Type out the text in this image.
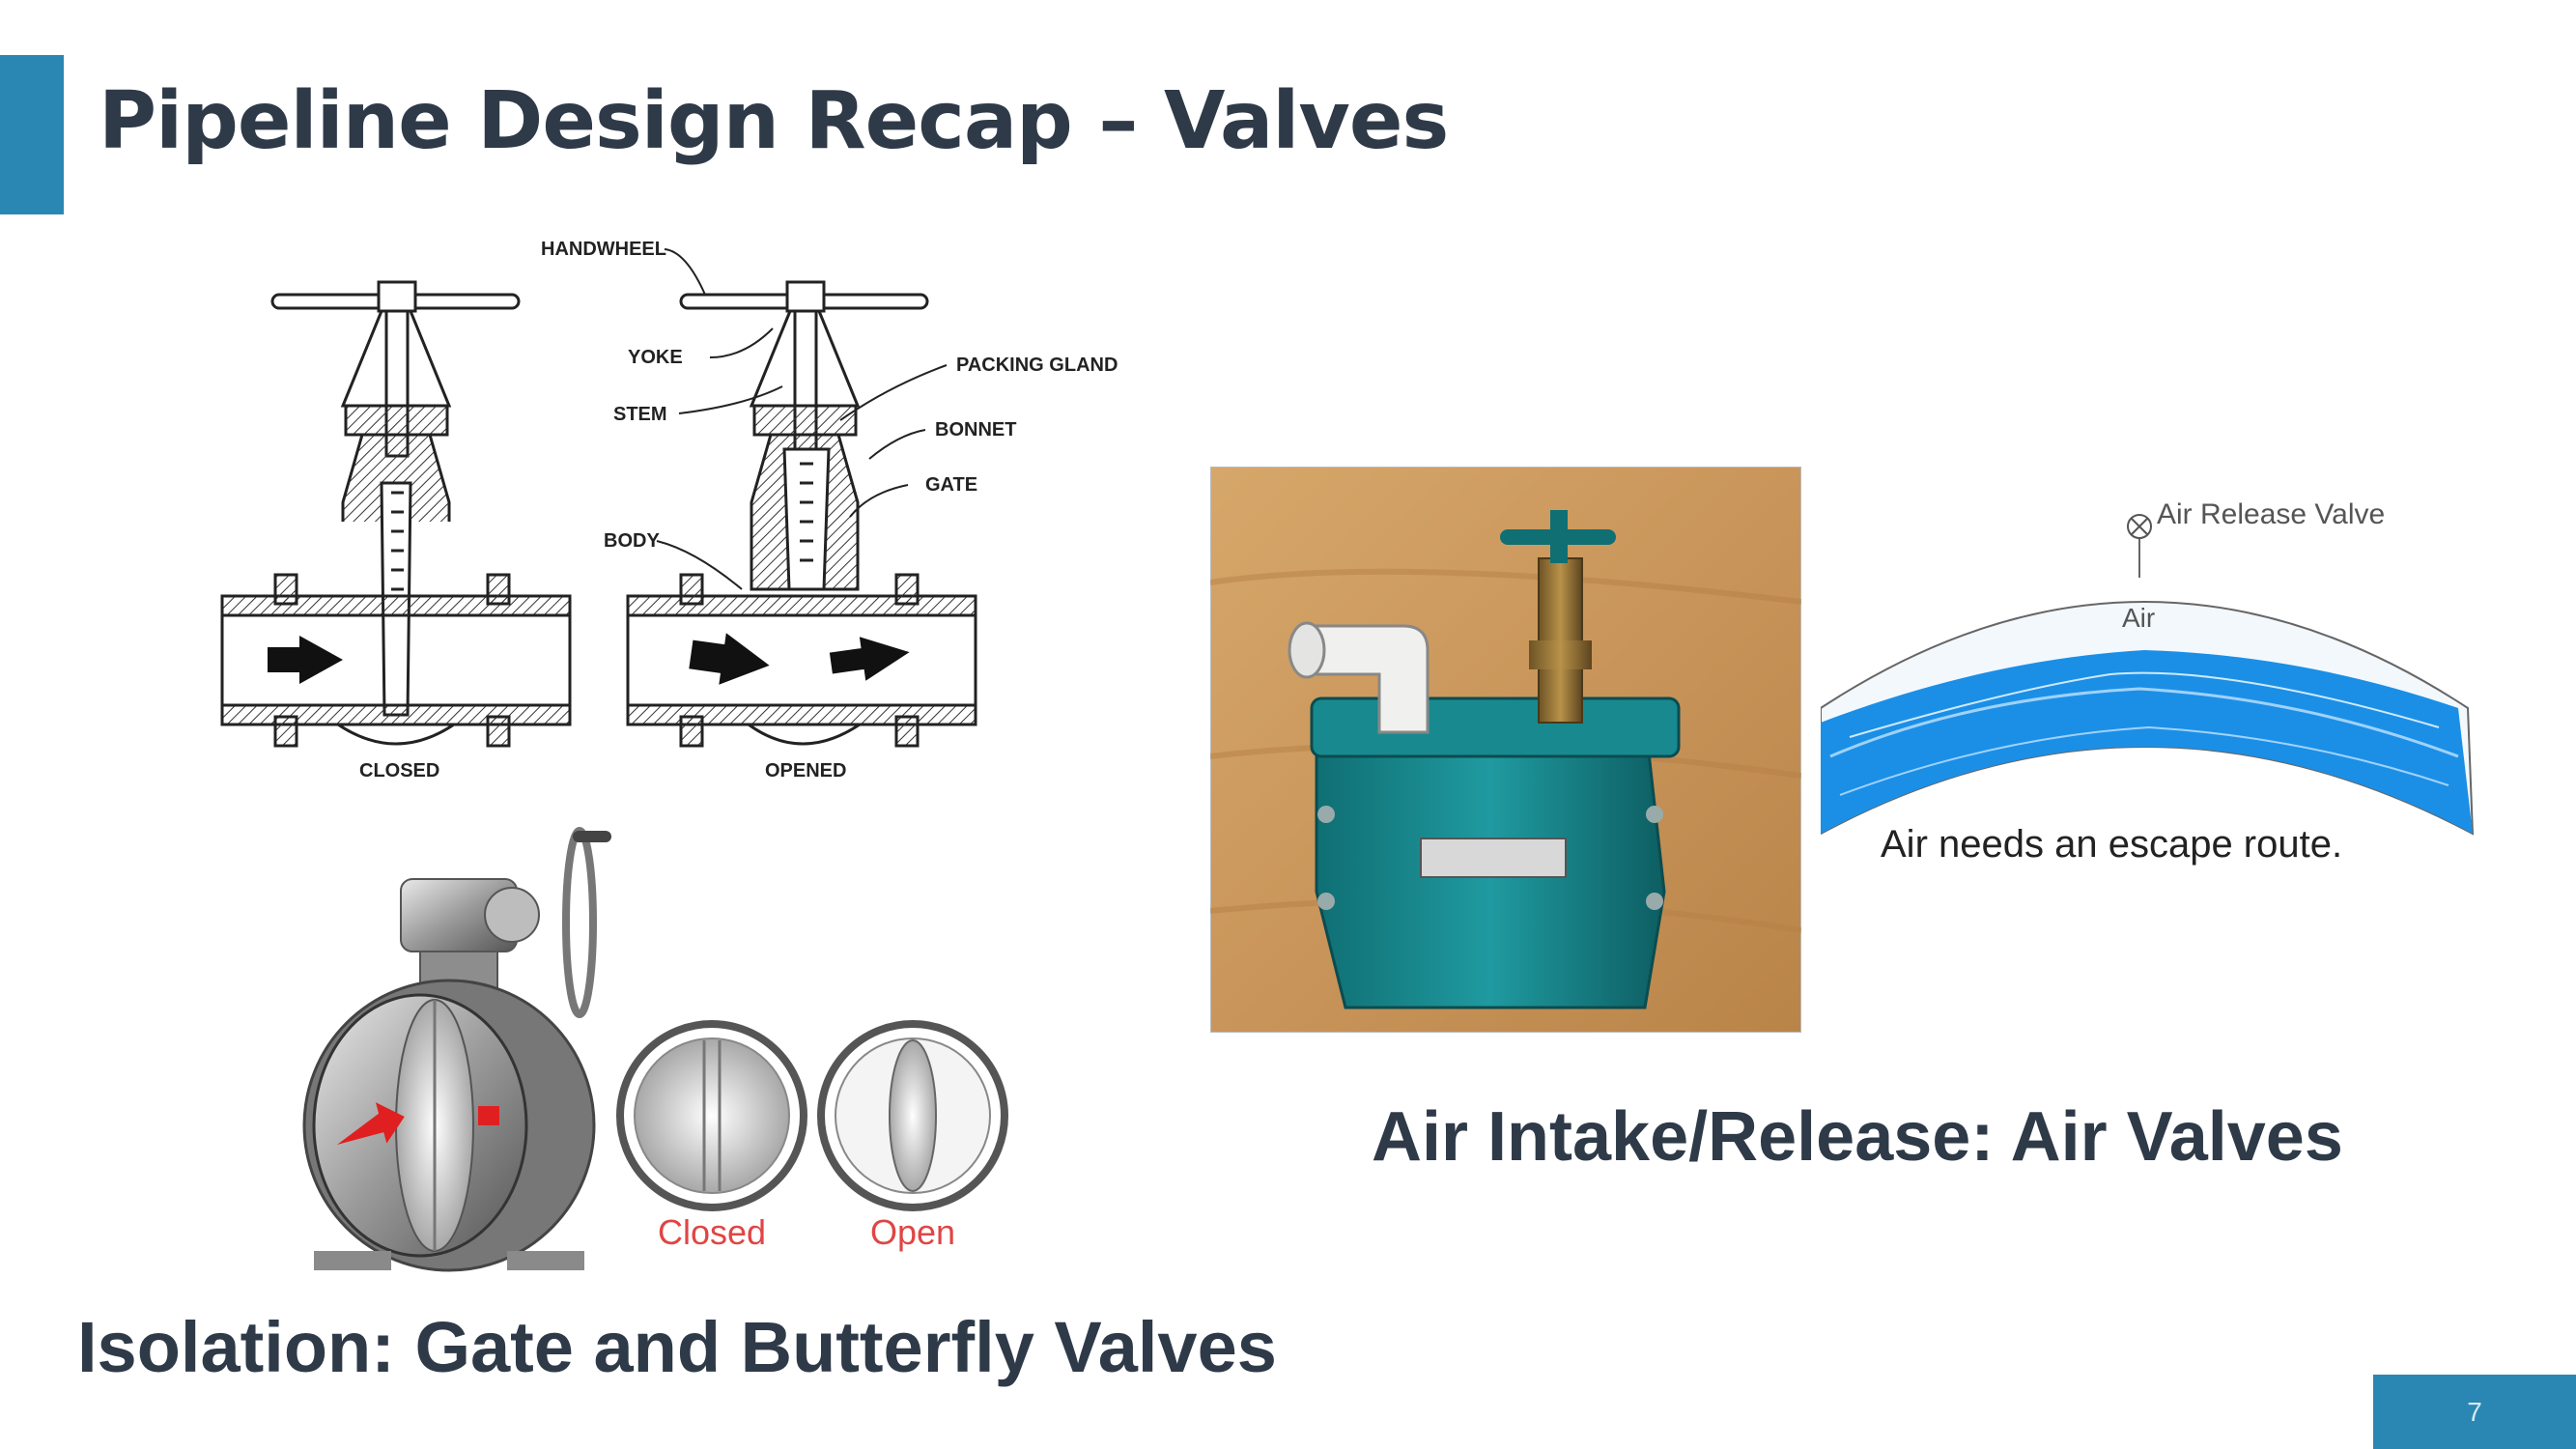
Pipeline Design Recap – Valves
HANDWHEEL
YOKE
STEM
PACKING GLAND
BONNET
GATE
BODY
CLOSED	OPENED
Closed	Open
Air Release Valve
Air
Air needs an escape route.

Air Intake/Release: Air Valves

Isolation: Gate and Butterfly Valves

7
